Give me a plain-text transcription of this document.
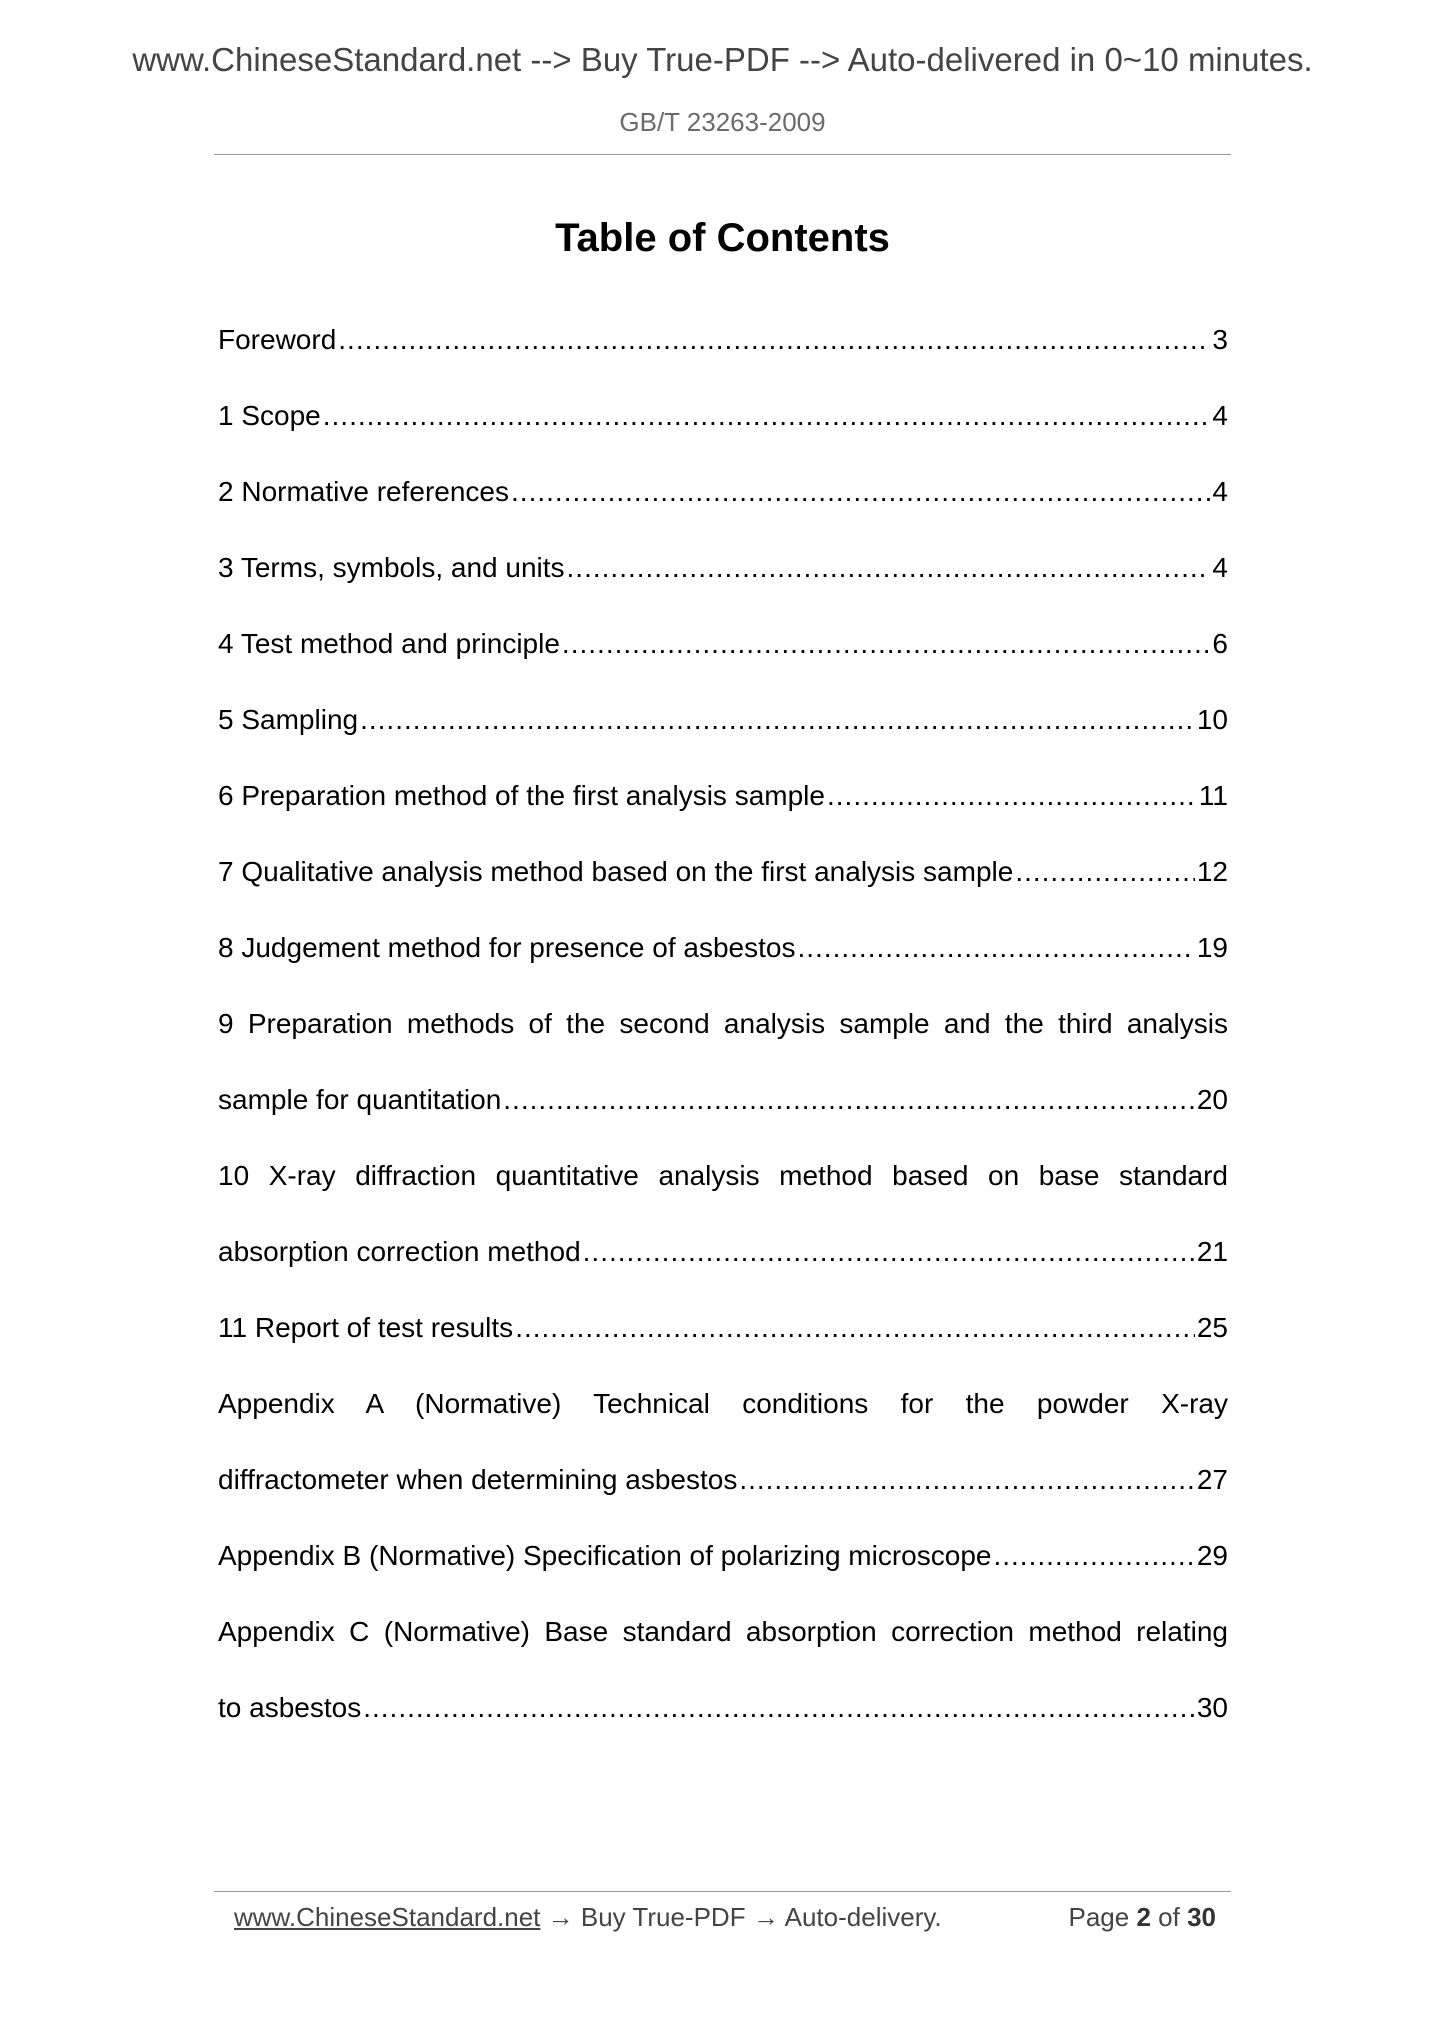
www.ChineseStandard.net --> Buy True-PDF --> Auto-delivered in 0~10 minutes.
GB/T 23263-2009
Table of Contents
Foreword .....	3
1 Scope .....	4
2 Normative references .....	4
3 Terms, symbols, and units .....	4
4 Test method and principle .....	6
5 Sampling .....	10
6 Preparation method of the first analysis sample .....	11
7 Qualitative analysis method based on the first analysis sample .....	12
8 Judgement method for presence of asbestos .....	19
9 Preparation methods of the second analysis sample and the third analysis
sample for quantitation .....	20
10 X-ray diffraction quantitative analysis method based on base standard
absorption correction method .....	21
11 Report of test results .....	25
Appendix A (Normative) Technical conditions for the powder X-ray
diffractometer when determining asbestos .....	27
Appendix B (Normative) Specification of polarizing microscope .....	29
Appendix C (Normative) Base standard absorption correction method relating
to asbestos .....	30
www.ChineseStandard.net → Buy True-PDF → Auto-delivery.	Page 2 of 30
